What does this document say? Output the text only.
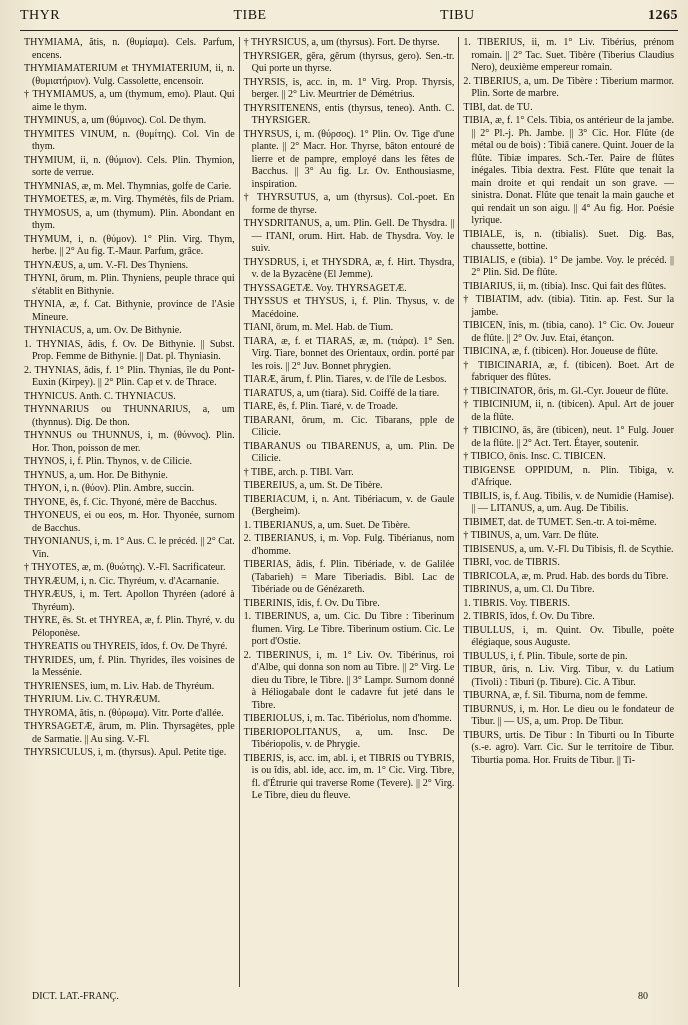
THYR	TIBE	TIBU	1265

THYMIAMA, ătis, n. (θυμίαμα). Cels. Parfum, encens.

THYMIAMATERIUM et THYMIATERIUM, ii, n. (θυμιατήριον). Vulg. Cassolette, encensoir.

† THYMIAMUS, a, um (thymum, emo). Plaut. Qui aime le thym.

THYMINUS, a, um (θύμινος). Col. De thym.

THYMITES VINUM, n. (θυμίτης). Col. Vin de thym.

THYMIUM, ii, n. (θύμιον). Cels. Plin. Thymion, sorte de verrue.

THYMNIAS, æ, m. Mel. Thymnias, golfe de Carie.

THYMOETES, æ, m. Virg. Thymétès, fils de Priam.

THYMOSUS, a, um (thymum). Plin. Abondant en thym.

THYMUM, i, n. (θύμον). 1° Plin. Virg. Thym, herbe. || 2° Au fig. T.-Maur. Parfum, grâce.

THYNÆUS, a, um. V.-Fl. Des Thyniens.

THYNI, ōrum, m. Plin. Thyniens, peuple thrace qui s'établit en Bithynie.

THYNIA, æ, f. Cat. Bithynie, province de l'Asie Mineure.

THYNIACUS, a, um. Ov. De Bithynie.

1. THYNIAS, ădis, f. Ov. De Bithynie. || Subst. Prop. Femme de Bithynie. || Dat. pl. Thyniasin.

2. THYNIAS, ădis, f. 1° Plin. Thynias, île du Pont-Euxin (Kirpey). || 2° Plin. Cap et v. de Thrace.

THYNICUS. Anth. C. THYNIACUS.

THYNNARIUS ou THUNNARIUS, a, um (thynnus). Dig. De thon.

THYNNUS ou THUNNUS, i, m. (θύννος). Plin. Hor. Thon, poisson de mer.

THYNOS, i, f. Plin. Thynos, v. de Cilicie.

THYNUS, a, um. Hor. De Bithynie.

THYON, i, n. (θύον). Plin. Ambre, succin.

THYONE, ēs, f. Cic. Thyoné, mère de Bacchus.

THYONEUS, ei ou eos, m. Hor. Thyonée, surnom de Bacchus.

THYONIANUS, i, m. 1° Aus. C. le précéd. || 2° Cat. Vin.

† THYOTES, æ, m. (θυώτης). V.-Fl. Sacrificateur.

THYRÆUM, i, n. Cic. Thyréum, v. d'Acarnanie.

THYRÆUS, i, m. Tert. Apollon Thyréen (adoré à Thyréum).

THYRE, ēs. St. et THYREA, æ, f. Plin. Thyré, v. du Péloponèse.

THYREATIS ou THYREIS, ĭdos, f. Ov. De Thyré.

THYRIDES, um, f. Plin. Thyrides, îles voisines de la Messénie.

THYRIENSES, ium, m. Liv. Hab. de Thyréum.

THYRIUM. Liv. C. THYRÆUM.

THYROMA, ătis, n. (θύρωμα). Vitr. Porte d'allée.

THYRSAGETÆ, ārum, m. Plin. Thyrsagètes, pple de Sarmatie. || Au sing. V.-Fl.

THYRSICULUS, i, m. (thyrsus). Apul. Petite tige.

† THYRSICUS, a, um (thyrsus). Fort. De thyrse.

THYRSIGER, gĕra, gĕrum (thyrsus, gero). Sen.-tr. Qui porte un thyrse.

THYRSIS, is, acc. in, m. 1° Virg. Prop. Thyrsis, berger. || 2° Liv. Meurtrier de Démétrius.

THYRSITENENS, entis (thyrsus, teneo). Anth. C. THYRSIGER.

THYRSUS, i, m. (θύρσος). 1° Plin. Ov. Tige d'une plante. || 2° Macr. Hor. Thyrse, bâton entouré de lierre et de pampre, employé dans les fêtes de Bacchus. || 3° Au fig. Lr. Ov. Enthousiasme, inspiration.

† THYRSUTUS, a, um (thyrsus). Col.-poet. En forme de thyrse.

THYSDRITANUS, a, um. Plin. Gell. De Thysdra. || — ITANI, orum. Hirt. Hab. de Thysdra. Voy. le suiv.

THYSDRUS, i, et THYSDRA, æ, f. Hirt. Thysdra, v. de la Byzacène (El Jemme).

THYSSAGETÆ. Voy. THYRSAGETÆ.

THYSSUS et THYSUS, i, f. Plin. Thysus, v. de Macédoine.

TIANI, ōrum, m. Mel. Hab. de Tium.

TIARA, æ, f. et TIARAS, æ, m. (τιάρα). 1° Sen. Virg. Tiare, bonnet des Orientaux, ordin. porté par les rois. || 2° Juv. Bonnet phrygien.

TIARÆ, ārum, f. Plin. Tiares, v. de l'île de Lesbos.

TIARATUS, a, um (tiara). Sid. Coiffé de la tiare.

TIARE, ēs, f. Plin. Tiaré, v. de Troade.

TIBARANI, ōrum, m. Cic. Tibarans, pple de Cilicie.

TIBARANUS ou TIBARENUS, a, um. Plin. De Cilicie.

† TIBE, arch. p. TIBI. Varr.

TIBEREIUS, a, um. St. De Tibère.

TIBERIACUM, i, n. Ant. Tibériacum, v. de Gaule (Bergheim).

1. TIBERIANUS, a, um. Suet. De Tibère.

2. TIBERIANUS, i, m. Vop. Fulg. Tibérianus, nom d'homme.

TIBERIAS, ădis, f. Plin. Tibériade, v. de Galilée (Tabarieh) = Mare Tiberiadis. Bibl. Lac de Tibériade ou de Génézareth.

TIBERINIS, ĭdis, f. Ov. Du Tibre.

1. TIBERINUS, a, um. Cic. Du Tibre : Tiberinum flumen. Virg. Le Tibre. Tiberinum ostium. Cic. Le port d'Ostie.

2. TIBERINUS, i, m. 1° Liv. Ov. Tibérinus, roi d'Albe, qui donna son nom au Tibre. || 2° Virg. Le dieu du Tibre, le Tibre. || 3° Lampr. Surnom donné à Héliogabale dont le cadavre fut jeté dans le Tibre.

TIBERIOLUS, i, m. Tac. Tibériolus, nom d'homme.

TIBERIOPOLITANUS, a, um. Insc. De Tibériopolis, v. de Phrygie.

TIBERIS, is, acc. im, abl. i, et TIBRIS ou TYBRIS, is ou ĭdis, abl. ide, acc. im, m. 1° Cic. Virg. Tibre, fl. d'Étrurie qui traverse Rome (Tevere). || 2° Virg. Le Tibre, dieu du fleuve.

1. TIBERIUS, ii, m. 1° Liv. Tibérius, prénom romain. || 2° Tac. Suet. Tibère (Tiberius Claudius Nero), deuxième empereur romain.

2. TIBERIUS, a, um. De Tibère : Tiberium marmor. Plin. Sorte de marbre.

TIBI, dat. de TU.

TIBIA, æ, f. 1° Cels. Tibia, os antérieur de la jambe. || 2° Pl.-j. Ph. Jambe. || 3° Cic. Hor. Flûte (de métal ou de bois) : Tibiā canere. Quint. Jouer de la flûte. Tibiæ impares. Sch.-Ter. Paire de flûtes inégales. Tibia dextra. Fest. Flûte que tenait la main droite et qui rendait un son grave. — sinistra. Donat. Flûte que tenait la main gauche et qui rendait un son aigu. || 4° Au fig. Hor. Poésie lyrique.

TIBIALE, is, n. (tibialis). Suet. Dig. Bas, chaussette, bottine.

TIBIALIS, e (tibia). 1° De jambe. Voy. le précéd. || 2° Plin. Sid. De flûte.

TIBIARIUS, ii, m. (tibia). Insc. Qui fait des flûtes.

† TIBIATIM, adv. (tibia). Titin. ap. Fest. Sur la jambe.

TIBICEN, ĭnis, m. (tibia, cano). 1° Cic. Ov. Joueur de flûte. || 2° Ov. Juv. Etai, étançon.

TIBICINA, æ, f. (tibicen). Hor. Joueuse de flûte.

† TIBICINARIA, æ, f. (tibicen). Boet. Art de fabriquer des flûtes.

† TIBICINATOR, ōris, m. Gl.-Cyr. Joueur de flûte.

† TIBICINIUM, ii, n. (tibicen). Apul. Art de jouer de la flûte.

† TIBICINO, ās, āre (tibicen), neut. 1° Fulg. Jouer de la flûte. || 2° Act. Tert. Étayer, soutenir.

† TIBICO, ōnis. Insc. C. TIBICEN.

TIBIGENSE OPPIDUM, n. Plin. Tibiga, v. d'Afrique.

TIBILIS, is, f. Aug. Tibilis, v. de Numidie (Hamise). || — LITANUS, a, um. Aug. De Tibilis.

TIBIMET, dat. de TUMET. Sen.-tr. A toi-même.

† TIBINUS, a, um. Varr. De flûte.

TIBISENUS, a, um. V.-Fl. Du Tibisis, fl. de Scythie.

TIBRI, voc. de TIBRIS.

TIBRICOLA, æ, m. Prud. Hab. des bords du Tibre.

TIBRINUS, a, um. Cl. Du Tibre.

1. TIBRIS. Voy. TIBERIS.

2. TIBRIS, ĭdos, f. Ov. Du Tibre.

TIBULLUS, i, m. Quint. Ov. Tibulle, poète élégiaque, sous Auguste.

TIBULUS, i, f. Plin. Tibule, sorte de pin.

TIBUR, ŭris, n. Liv. Virg. Tibur, v. du Latium (Tivoli) : Tiburi (p. Tibure). Cic. A Tibur.

TIBURNA, æ, f. Sil. Tiburna, nom de femme.

TIBURNUS, i, m. Hor. Le dieu ou le fondateur de Tibur. || — US, a, um. Prop. De Tibur.

TIBURS, urtis. De Tibur : In Tiburti ou In Tiburte (s.-e. agro). Varr. Cic. Sur le territoire de Tibur. Tiburtia poma. Hor. Fruits de Tibur. || Ti-

DICT. LAT.-FRANÇ.	80
